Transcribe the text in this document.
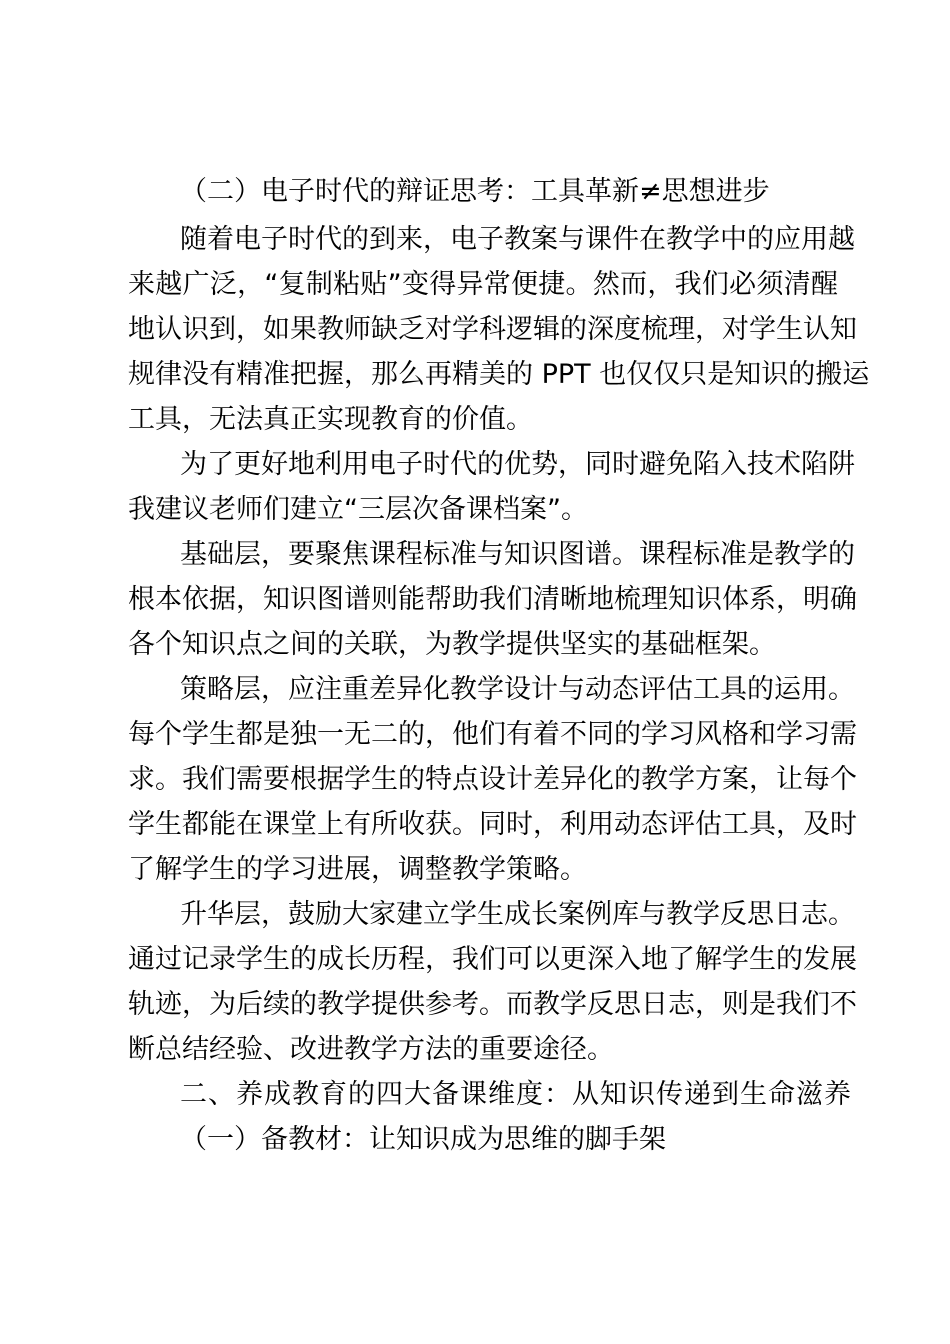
（二）电子时代的辩证思考：工具革新≠思想进步
随着电子时代的到来，电子教案与课件在教学中的应用越
来越广泛，“复制粘贴”变得异常便捷。然而，我们必须清醒
地认识到，如果教师缺乏对学科逻辑的深度梳理，对学生认知
规律没有精准把握，那么再精美的 PPT 也仅仅只是知识的搬运
工具，无法真正实现教育的价值。
为了更好地利用电子时代的优势，同时避免陷入技术陷阱
我建议老师们建立“三层次备课档案”。
基础层，要聚焦课程标准与知识图谱。课程标准是教学的
根本依据，知识图谱则能帮助我们清晰地梳理知识体系，明确
各个知识点之间的关联，为教学提供坚实的基础框架。
策略层，应注重差异化教学设计与动态评估工具的运用。
每个学生都是独一无二的，他们有着不同的学习风格和学习需
求。我们需要根据学生的特点设计差异化的教学方案，让每个
学生都能在课堂上有所收获。同时，利用动态评估工具，及时
了解学生的学习进展，调整教学策略。
升华层，鼓励大家建立学生成长案例库与教学反思日志。
通过记录学生的成长历程，我们可以更深入地了解学生的发展
轨迹，为后续的教学提供参考。而教学反思日志，则是我们不
断总结经验、改进教学方法的重要途径。
二、养成教育的四大备课维度：从知识传递到生命滋养
（一）备教材：让知识成为思维的脚手架
